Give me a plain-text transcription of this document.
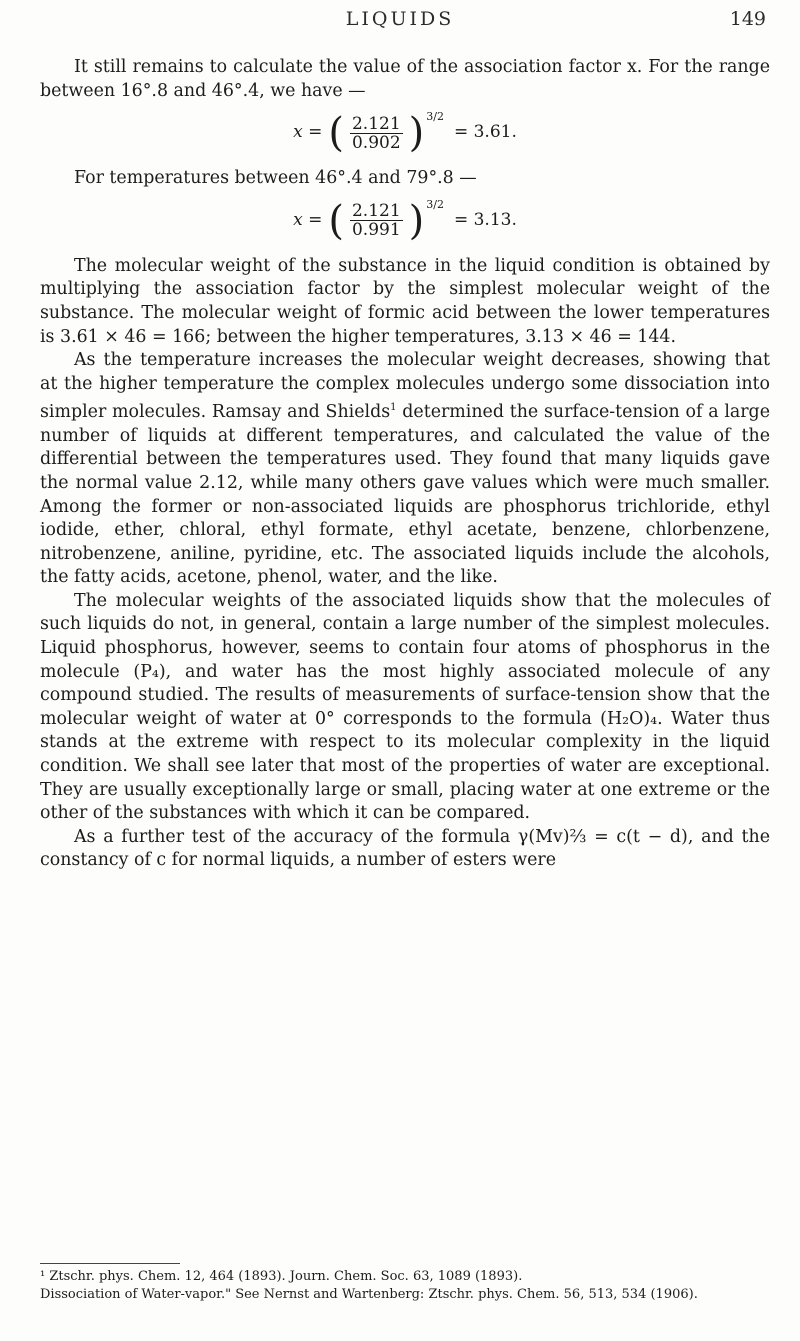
LIQUIDS	149

It still remains to calculate the value of the association factor x. For the range between 16°.8 and 46°.4, we have —

x = ( $\frac{2.121}{0.902}$ ) 3/2
= 3.61.

For temperatures between 46°.4 and 79°.8 —

x = ( $\frac{2.121}{0.991}$ ) 3/2
= 3.13.

The molecular weight of the substance in the liquid condition is obtained by multiplying the association factor by the simplest molecular weight of the substance. The molecular weight of formic acid between the lower temperatures is 3.61 × 46 = 166; between the higher temperatures, 3.13 × 46 = 144.

As the temperature increases the molecular weight decreases, showing that at the higher temperature the complex molecules undergo some dissociation into simpler molecules. Ramsay and Shields$^1$ determined the surface-tension of a large number of liquids at different temperatures, and calculated the value of the differential between the temperatures used. They found that many liquids gave the normal value 2.12, while many others gave values which were much smaller. Among the former or non-associated liquids are phosphorus trichloride, ethyl iodide, ether, chloral, ethyl formate, ethyl acetate, benzene, chlorbenzene, nitrobenzene, aniline, pyridine, etc. The associated liquids include the alcohols, the fatty acids, acetone, phenol, water, and the like.

The molecular weights of the associated liquids show that the molecules of such liquids do not, in general, contain a large number of the simplest molecules. Liquid phosphorus, however, seems to contain four atoms of phosphorus in the molecule (P₄), and water has the most highly associated molecule of any compound studied. The results of measurements of surface-tension show that the molecular weight of water at 0° corresponds to the formula (H₂O)₄. Water thus stands at the extreme with respect to its molecular complexity in the liquid condition. We shall see later that most of the properties of water are exceptional. They are usually exceptionally large or small, placing water at one extreme or the other of the substances with which it can be compared.

As a further test of the accuracy of the formula γ(Mv)⅔ = c(t − d), and the constancy of c for normal liquids, a number of esters were

¹ Ztschr. phys. Chem. 12, 464 (1893). Journ. Chem. Soc. 63, 1089 (1893).

Dissociation of Water-vapor." See Nernst and Wartenberg: Ztschr. phys. Chem. 56, 513, 534 (1906).
